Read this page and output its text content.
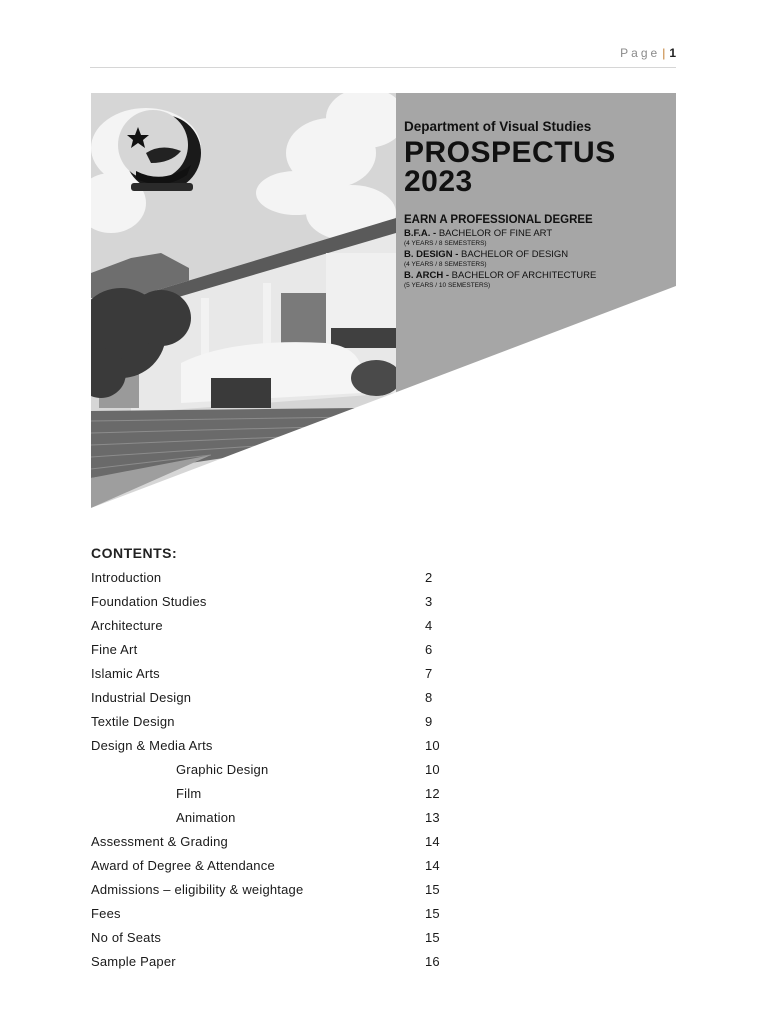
Page | 1

Department of Visual Studies

PROSPECTUS

2023

EARN A PROFESSIONAL DEGREE

B.F.A. - BACHELOR OF FINE ART

(4 YEARS / 8 SEMESTERS)

B. DESIGN - BACHELOR OF DESIGN

(4 YEARS / 8 SEMESTERS)

B. ARCH - BACHELOR OF ARCHITECTURE

(5 YEARS / 10 SEMESTERS)

CONTENTS:
Introduction	2
Foundation Studies	3
Architecture	4
Fine Art	6
Islamic Arts	7
Industrial Design	8
Textile Design	9
Design & Media Arts	10
Graphic Design	10
Film	12
Animation	13
Assessment & Grading	14
Award of Degree & Attendance	14
Admissions – eligibility & weightage	15
Fees	15
No of Seats	15
Sample Paper	16
